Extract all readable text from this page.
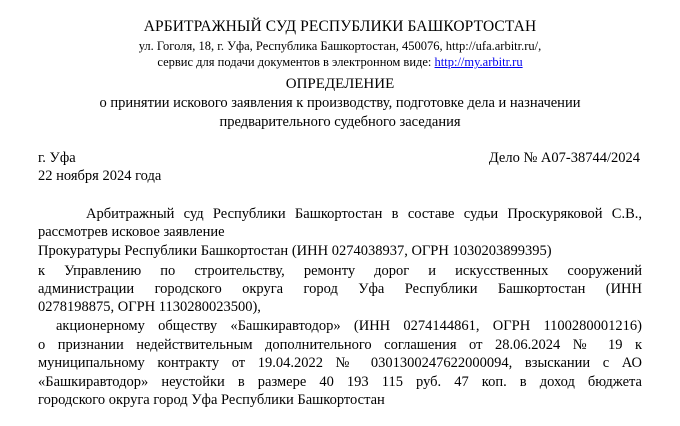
АРБИТРАЖНЫЙ СУД РЕСПУБЛИКИ БАШКОРТОСТАН
ул. Гоголя, 18, г. Уфа, Республика Башкортостан, 450076, http://ufa.arbitr.ru/,
сервис для подачи документов в электронном виде: http://my.arbitr.ru
ОПРЕДЕЛЕНИЕ
о принятии искового заявления к производству, подготовке дела и назначении
предварительного судебного заседания
г. Уфа	Дело № А07-38744/2024
22 ноября 2024 года
Арбитражный суд Республики Башкортостан в составе судьи Проскуряковой С.В.,
рассмотрев исковое заявление
Прокуратуры Республики Башкортостан (ИНН 0274038937, ОГРН 1030203899395)
к Управлению по строительству, ремонту дорог и искусственных сооружений
администрации городского округа город Уфа Республики Башкортостан (ИНН
0278198875, ОГРН 1130280023500),
акционерному обществу «Башкиравтодор» (ИНН 0274144861, ОГРН 1100280001216)
о признании недействительным дополнительного соглашения от 28.06.2024 № 19 к
муниципальному контракту от 19.04.2022 № 0301300247622000094, взыскании с АО
«Башкиравтодор» неустойки в размере 40 193 115 руб. 47 коп. в доход бюджета
городского округа город Уфа Республики Башкортостан
